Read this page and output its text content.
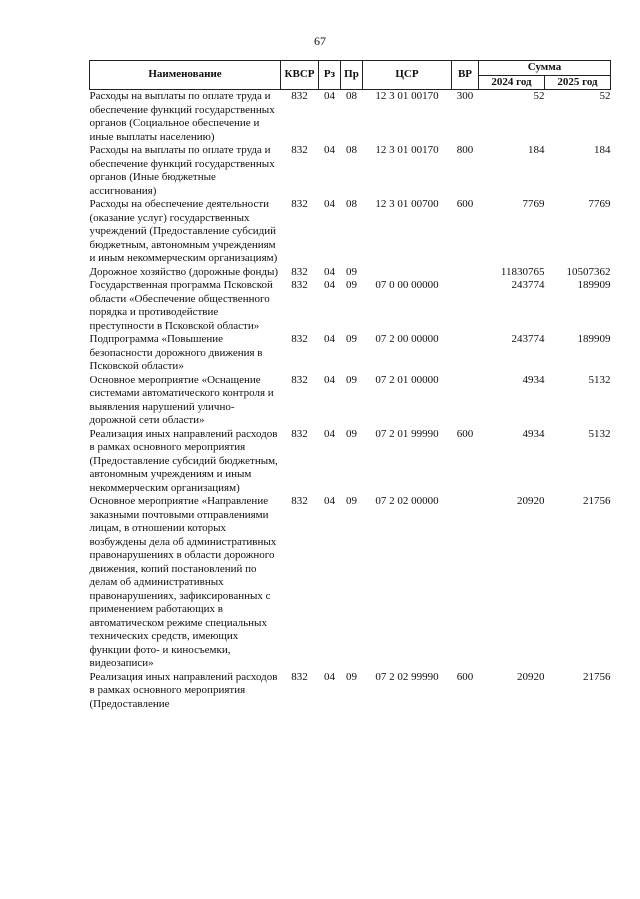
67
Наименование	КВСР	Рз	Пр	ЦСР	ВР	Сумма	
						2024 год	2025 год
Расходы на выплаты по оплате труда и обеспечение функций государственных органов (Социальное обеспечение и иные выплаты населению)	832	04	08	12 3 01 00170	300	52	52
Расходы на выплаты по оплате труда и обеспечение функций государственных органов (Иные бюджетные ассигнования)	832	04	08	12 3 01 00170	800	184	184
Расходы на обеспечение деятельности (оказание услуг) государственных учреждений (Предоставление субсидий бюджетным, автономным учреждениям и иным некоммерческим организациям)	832	04	08	12 3 01 00700	600	7769	7769
Дорожное хозяйство (дорожные фонды)	832	04	09			11830765	10507362
Государственная программа Псковской области «Обеспечение общественного порядка и противодействие преступности в Псковской области»	832	04	09	07 0 00 00000		243774	189909
Подпрограмма «Повышение безопасности дорожного движения в Псковской области»	832	04	09	07 2 00 00000		243774	189909
Основное мероприятие «Оснащение системами автоматического контроля и выявления нарушений улично-дорожной сети области»	832	04	09	07 2 01 00000		4934	5132
Реализация иных направлений расходов в рамках основного мероприятия (Предоставление субсидий бюджетным, автономным учреждениям и иным некоммерческим организациям)	832	04	09	07 2 01 99990	600	4934	5132
Основное мероприятие «Направление заказными почтовыми отправлениями лицам, в отношении которых возбуждены дела об административных правонарушениях в области дорожного движения, копий постановлений по делам об административных правонарушениях, зафиксированных с применением работающих в автоматическом режиме специальных технических средств, имеющих функции фото- и киносъемки, видеозаписи»	832	04	09	07 2 02 00000		20920	21756
Реализация иных направлений расходов в рамках основного мероприятия (Предоставление	832	04	09	07 2 02 99990	600	20920	21756
